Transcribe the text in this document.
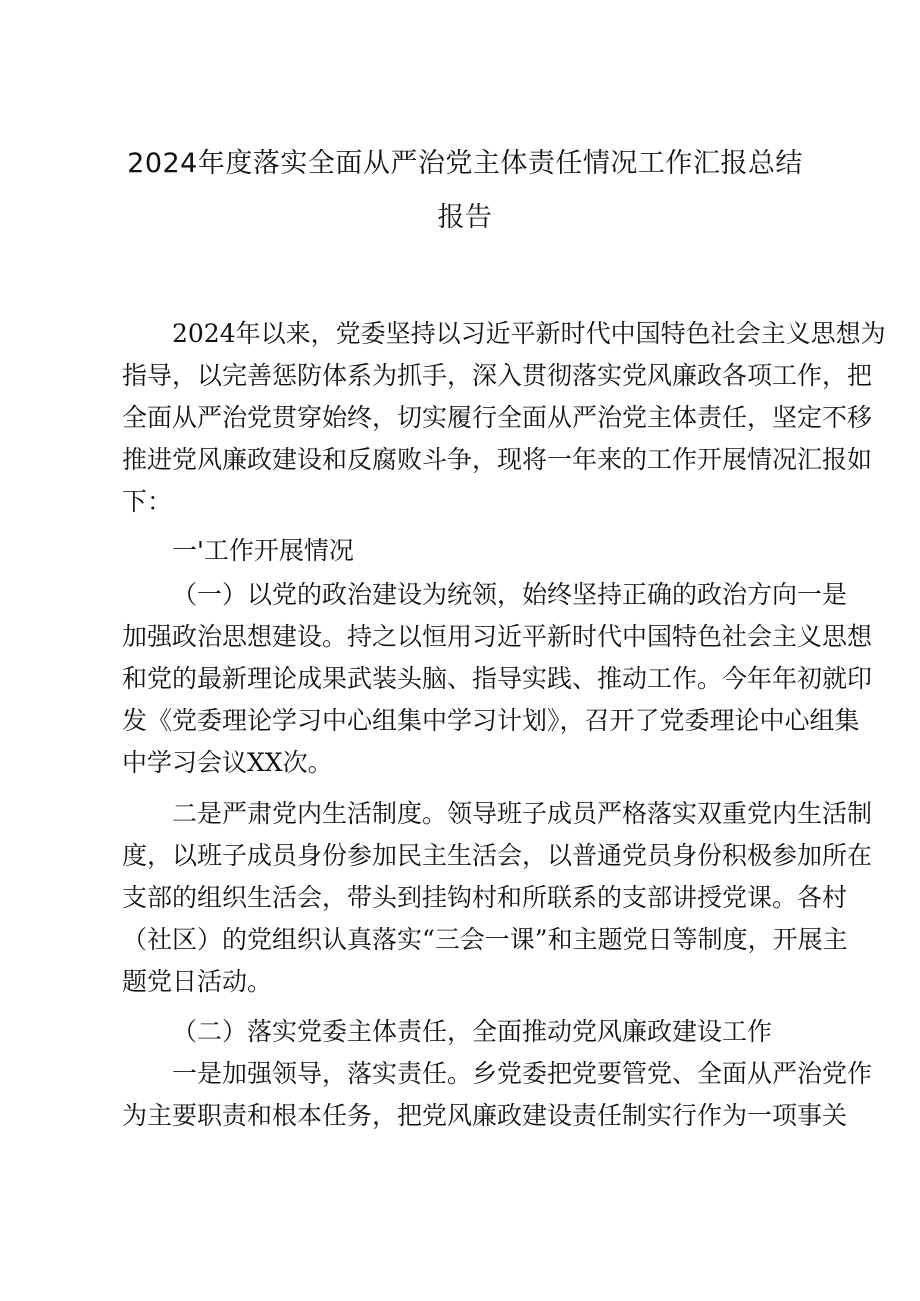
2024年度落实全面从严治党主体责任情况工作汇报总结
报告
2024年以来，党委坚持以习近平新时代中国特色社会主义思想为
指导，以完善惩防体系为抓手，深入贯彻落实党风廉政各项工作，把
全面从严治党贯穿始终，切实履行全面从严治党主体责任，坚定不移
推进党风廉政建设和反腐败斗争，现将一年来的工作开展情况汇报如
下：
一'工作开展情况
（一）以党的政治建设为统领，始终坚持正确的政治方向一是
加强政治思想建设。持之以恒用习近平新时代中国特色社会主义思想
和党的最新理论成果武装头脑、指导实践、推动工作。今年年初就印
发《党委理论学习中心组集中学习计划》，召开了党委理论中心组集
中学习会议XX次。
二是严肃党内生活制度。领导班子成员严格落实双重党内生活制
度，以班子成员身份参加民主生活会，以普通党员身份积极参加所在
支部的组织生活会，带头到挂钩村和所联系的支部讲授党课。各村
（社区）的党组织认真落实“三会一课”和主题党日等制度，开展主
题党日活动。
（二）落实党委主体责任，全面推动党风廉政建设工作
一是加强领导，落实责任。乡党委把党要管党、全面从严治党作
为主要职责和根本任务，把党风廉政建设责任制实行作为一项事关
